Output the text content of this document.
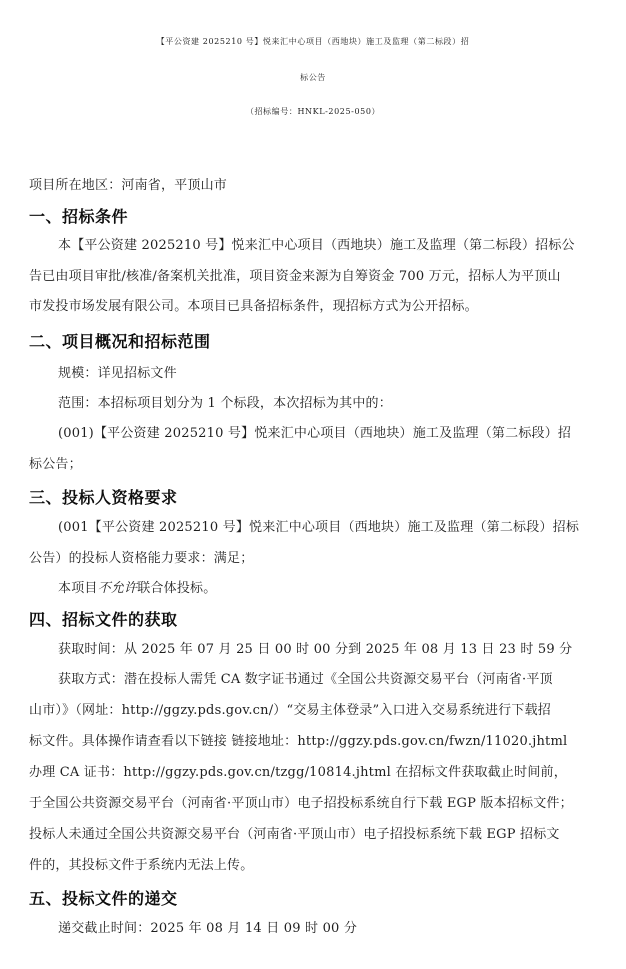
【平公资建 2025210 号】悦来汇中心项目（西地块）施工及监理（第二标段）招
标公告
（招标编号：HNKL-2025-050）
项目所在地区：河南省，平顶山市
一、招标条件
本【平公资建 2025210 号】悦来汇中心项目（西地块）施工及监理（第二标段）招标公
告已由项目审批/核准/备案机关批准，项目资金来源为自筹资金 700 万元，招标人为平顶山
市发投市场发展有限公司。本项目已具备招标条件，现招标方式为公开招标。
二、项目概况和招标范围
规模：详见招标文件
范围：本招标项目划分为 1 个标段，本次招标为其中的：
(001)【平公资建 2025210 号】悦来汇中心项目（西地块）施工及监理（第二标段）招
标公告；
三、投标人资格要求
(001【平公资建 2025210 号】悦来汇中心项目（西地块）施工及监理（第二标段）招标
公告）的投标人资格能力要求：满足；
本项目不允许联合体投标。
四、招标文件的获取
获取时间：从 2025 年 07 月 25 日 00 时 00 分到 2025 年 08 月 13 日 23 时 59 分
获取方式：潜在投标人需凭 CA 数字证书通过《全国公共资源交易平台（河南省·平顶
山市）》（网址：http://ggzy.pds.gov.cn/）“交易主体登录”入口进入交易系统进行下载招
标文件。具体操作请查看以下链接 链接地址：http://ggzy.pds.gov.cn/fwzn/11020.jhtml
办理 CA 证书：http://ggzy.pds.gov.cn/tzgg/10814.jhtml 在招标文件获取截止时间前，
于全国公共资源交易平台（河南省·平顶山市）电子招投标系统自行下载 EGP 版本招标文件；
投标人未通过全国公共资源交易平台（河南省·平顶山市）电子招投标系统下载 EGP 招标文
件的，其投标文件于系统内无法上传。
五、投标文件的递交
递交截止时间：2025 年 08 月 14 日 09 时 00 分
